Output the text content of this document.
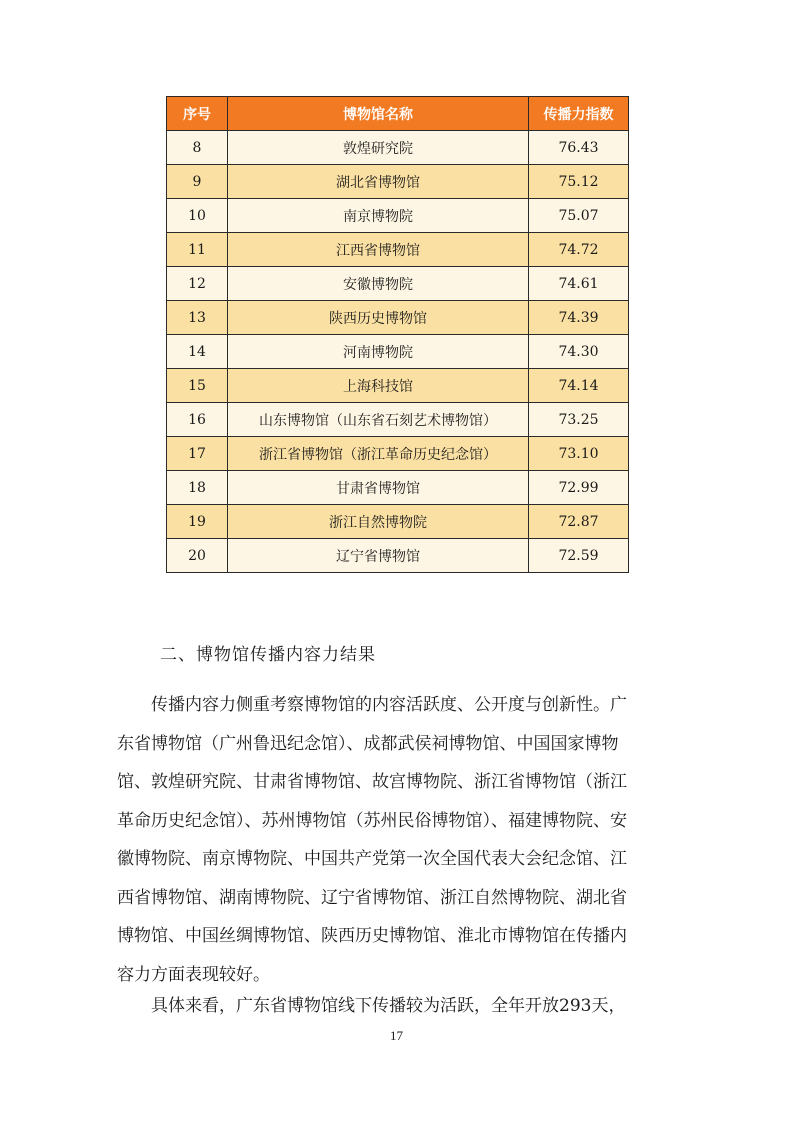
序号	博物馆名称	传播力指数
8	敦煌研究院	76.43
9	湖北省博物馆	75.12
10	南京博物院	75.07
11	江西省博物馆	74.72
12	安徽博物院	74.61
13	陕西历史博物馆	74.39
14	河南博物院	74.30
15	上海科技馆	74.14
16	山东博物馆（山东省石刻艺术博物馆）	73.25
17	浙江省博物馆（浙江革命历史纪念馆）	73.10
18	甘肃省博物馆	72.99
19	浙江自然博物院	72.87
20	辽宁省博物馆	72.59
二、博物馆传播内容力结果
　　传播内容力侧重考察博物馆的内容活跃度、公开度与创新性。广
东省博物馆（广州鲁迅纪念馆）、成都武侯祠博物馆、中国国家博物
馆、敦煌研究院、甘肃省博物馆、故宫博物院、浙江省博物馆（浙江
革命历史纪念馆）、苏州博物馆（苏州民俗博物馆）、福建博物院、安
徽博物院、南京博物院、中国共产党第一次全国代表大会纪念馆、江
西省博物馆、湖南博物院、辽宁省博物馆、浙江自然博物院、湖北省
博物馆、中国丝绸博物馆、陕西历史博物馆、淮北市博物馆在传播内
容力方面表现较好。
　　具体来看，广东省博物馆线下传播较为活跃，全年开放293天，
17
